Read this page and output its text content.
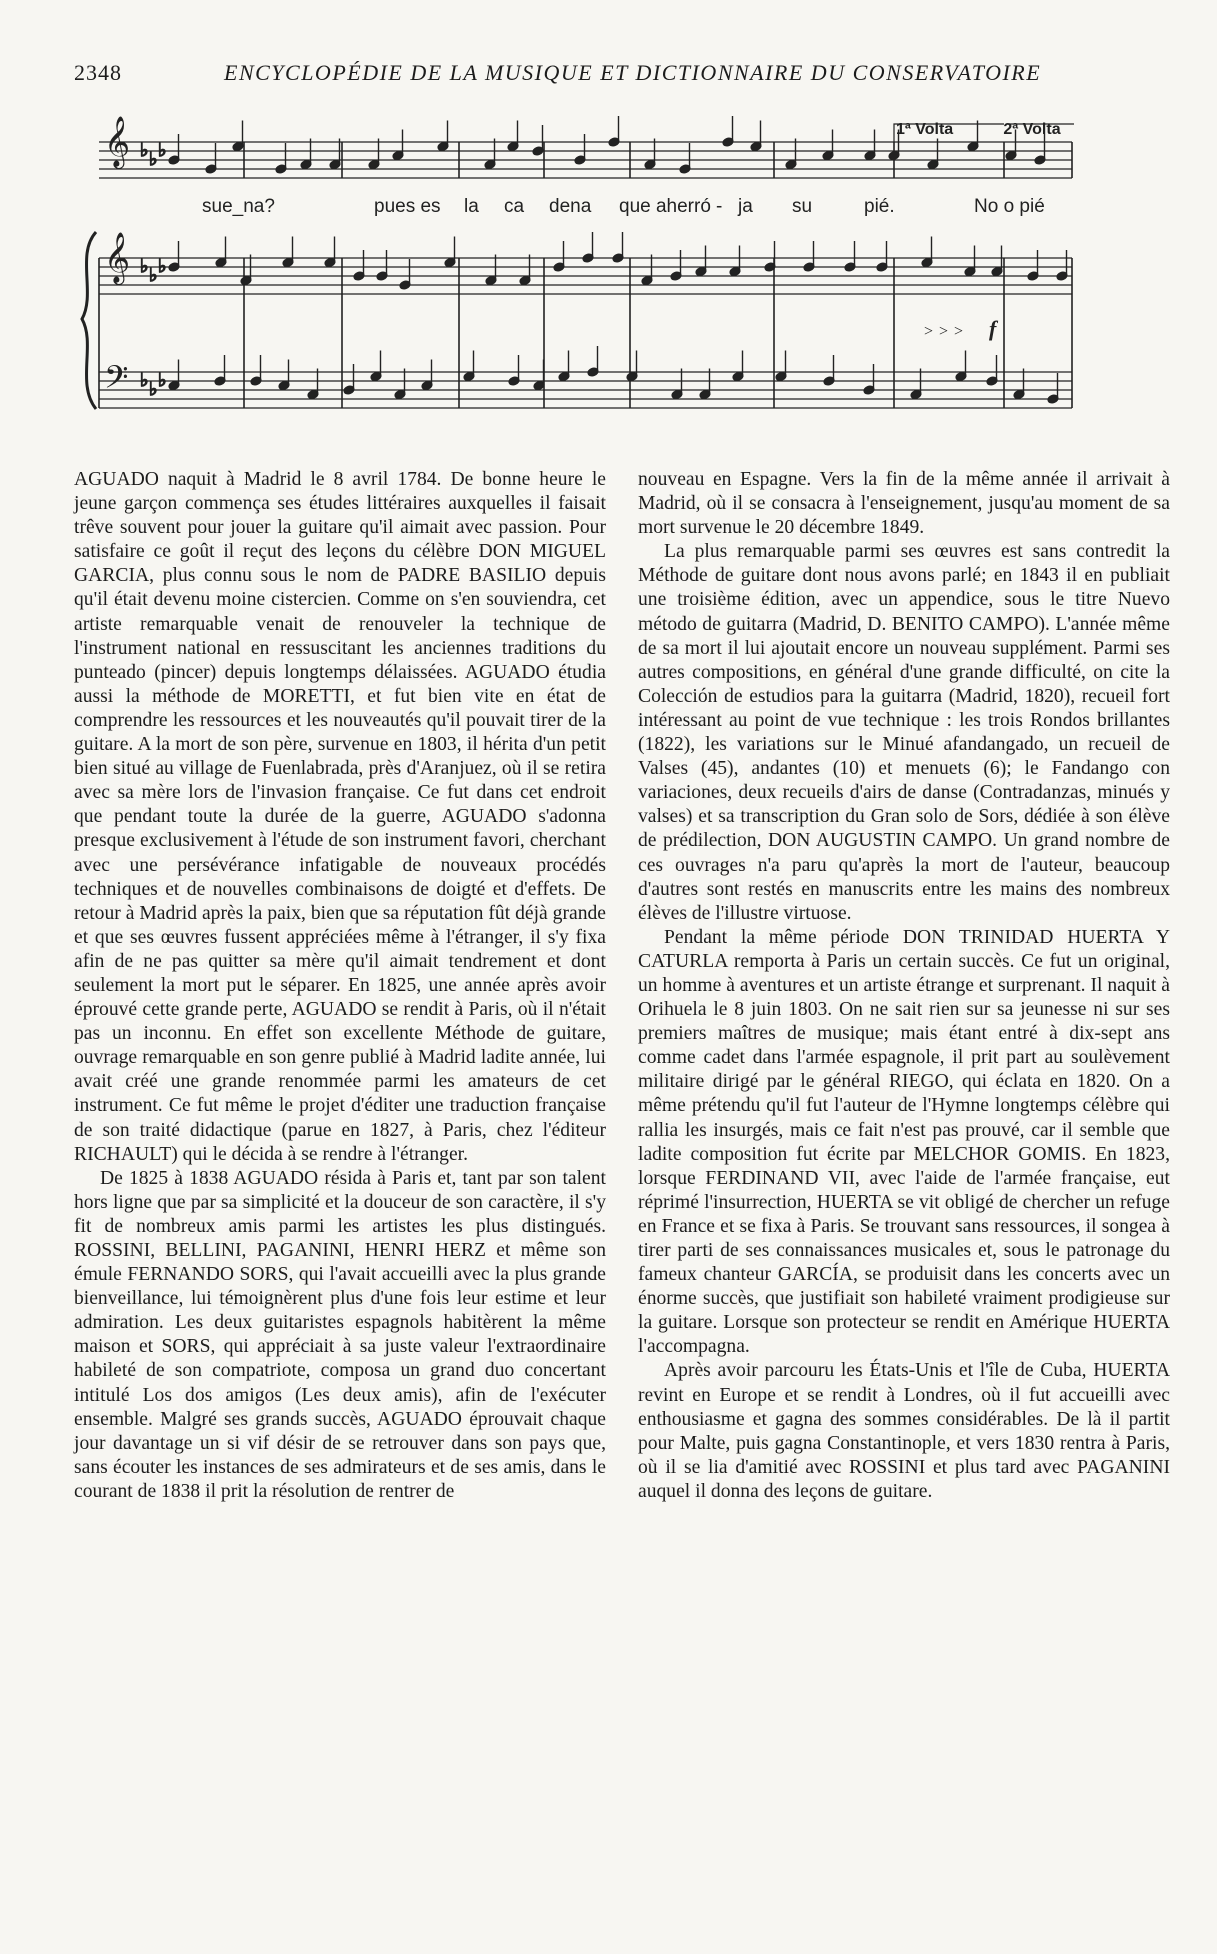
2348	ENCYCLOPÉDIE DE LA MUSIQUE ET DICTIONNAIRE DU CONSERVATOIRE
♭ ♭ ♭
♭ ♭ ♭
♭ ♭ ♭
𝄞
𝄞
𝄢
1ª Volta	2ª Volta
sue_na?	pues es la ca dena que aherró - ja su	pié.	No o pié
f
>>>

AGUADO naquit à Madrid le 8 avril 1784. De bonne heure le jeune garçon commença ses études littéraires auxquelles il faisait trêve souvent pour jouer la guitare qu'il aimait avec passion. Pour satisfaire ce goût il reçut des leçons du célèbre DON MIGUEL GARCIA, plus connu sous le nom de PADRE BASILIO depuis qu'il était devenu moine cistercien. Comme on s'en souviendra, cet artiste remarquable venait de renouveler la technique de l'instrument national en ressuscitant les anciennes traditions du punteado (pincer) depuis longtemps délaissées. AGUADO étudia aussi la méthode de MORETTI, et fut bien vite en état de comprendre les ressources et les nouveautés qu'il pouvait tirer de la guitare. A la mort de son père, survenue en 1803, il hérita d'un petit bien situé au village de Fuenlabrada, près d'Aranjuez, où il se retira avec sa mère lors de l'invasion française. Ce fut dans cet endroit que pendant toute la durée de la guerre, AGUADO s'adonna presque exclusivement à l'étude de son instrument favori, cherchant avec une persévérance infatigable de nouveaux procédés techniques et de nouvelles combinaisons de doigté et d'effets. De retour à Madrid après la paix, bien que sa réputation fût déjà grande et que ses œuvres fussent appréciées même à l'étranger, il s'y fixa afin de ne pas quitter sa mère qu'il aimait tendrement et dont seulement la mort put le séparer. En 1825, une année après avoir éprouvé cette grande perte, AGUADO se rendit à Paris, où il n'était pas un inconnu. En effet son excellente Méthode de guitare, ouvrage remarquable en son genre publié à Madrid ladite année, lui avait créé une grande renommée parmi les amateurs de cet instrument. Ce fut même le projet d'éditer une traduction française de son traité didactique (parue en 1827, à Paris, chez l'éditeur RICHAULT) qui le décida à se rendre à l'étranger.

De 1825 à 1838 AGUADO résida à Paris et, tant par son talent hors ligne que par sa simplicité et la douceur de son caractère, il s'y fit de nombreux amis parmi les artistes les plus distingués. ROSSINI, BELLINI, PAGANINI, HENRI HERZ et même son émule FERNANDO SORS, qui l'avait accueilli avec la plus grande bienveillance, lui témoignèrent plus d'une fois leur estime et leur admiration. Les deux guitaristes espagnols habitèrent la même maison et SORS, qui appréciait à sa juste valeur l'extraordinaire habileté de son compatriote, composa un grand duo concertant intitulé Los dos amigos (Les deux amis), afin de l'exécuter ensemble. Malgré ses grands succès, AGUADO éprouvait chaque jour davantage un si vif désir de se retrouver dans son pays que, sans écouter les instances de ses admirateurs et de ses amis, dans le courant de 1838 il prit la résolution de rentrer de

nouveau en Espagne. Vers la fin de la même année il arrivait à Madrid, où il se consacra à l'enseignement, jusqu'au moment de sa mort survenue le 20 décembre 1849.

La plus remarquable parmi ses œuvres est sans contredit la Méthode de guitare dont nous avons parlé; en 1843 il en publiait une troisième édition, avec un appendice, sous le titre Nuevo método de guitarra (Madrid, D. BENITO CAMPO). L'année même de sa mort il lui ajoutait encore un nouveau supplément. Parmi ses autres compositions, en général d'une grande difficulté, on cite la Colección de estudios para la guitarra (Madrid, 1820), recueil fort intéressant au point de vue technique : les trois Rondos brillantes (1822), les variations sur le Minué afandangado, un recueil de Valses (45), andantes (10) et menuets (6); le Fandango con variaciones, deux recueils d'airs de danse (Contradanzas, minués y valses) et sa transcription du Gran solo de Sors, dédiée à son élève de prédilection, DON AUGUSTIN CAMPO. Un grand nombre de ces ouvrages n'a paru qu'après la mort de l'auteur, beaucoup d'autres sont restés en manuscrits entre les mains des nombreux élèves de l'illustre virtuose.

Pendant la même période DON TRINIDAD HUERTA Y CATURLA remporta à Paris un certain succès. Ce fut un original, un homme à aventures et un artiste étrange et surprenant. Il naquit à Orihuela le 8 juin 1803. On ne sait rien sur sa jeunesse ni sur ses premiers maîtres de musique; mais étant entré à dix-sept ans comme cadet dans l'armée espagnole, il prit part au soulèvement militaire dirigé par le général RIEGO, qui éclata en 1820. On a même prétendu qu'il fut l'auteur de l'Hymne longtemps célèbre qui rallia les insurgés, mais ce fait n'est pas prouvé, car il semble que ladite composition fut écrite par MELCHOR GOMIS. En 1823, lorsque FERDINAND VII, avec l'aide de l'armée française, eut réprimé l'insurrection, HUERTA se vit obligé de chercher un refuge en France et se fixa à Paris. Se trouvant sans ressources, il songea à tirer parti de ses connaissances musicales et, sous le patronage du fameux chanteur GARCÍA, se produisit dans les concerts avec un énorme succès, que justifiait son habileté vraiment prodigieuse sur la guitare. Lorsque son protecteur se rendit en Amérique HUERTA l'accompagna.

Après avoir parcouru les États-Unis et l'île de Cuba, HUERTA revint en Europe et se rendit à Londres, où il fut accueilli avec enthousiasme et gagna des sommes considérables. De là il partit pour Malte, puis gagna Constantinople, et vers 1830 rentra à Paris, où il se lia d'amitié avec ROSSINI et plus tard avec PAGANINI auquel il donna des leçons de guitare.
